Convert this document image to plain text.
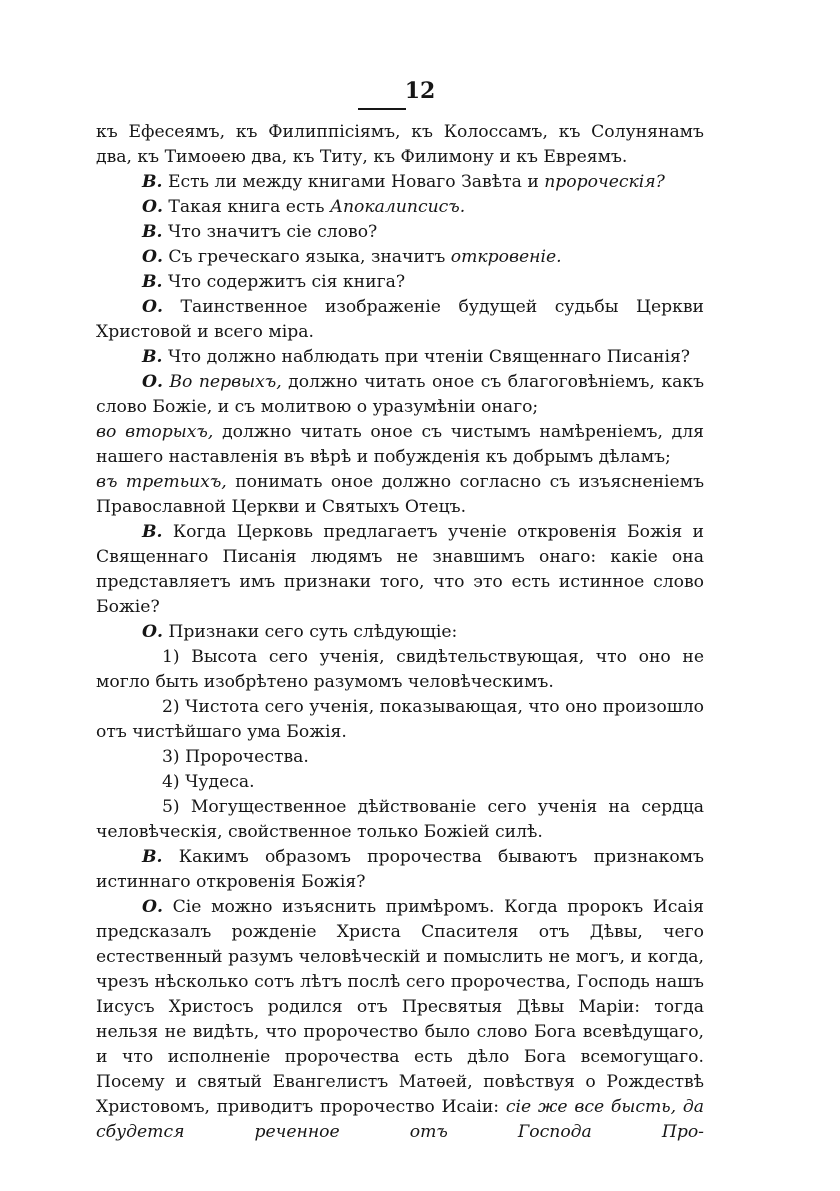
12

къ Ефесеямъ, къ Филиппісіямъ, къ Колоссамъ, къ Солунянамъ два, къ Тимоѳею два, къ Титу, къ Филимону и къ Евреямъ.

В. Есть ли между книгами Новаго Завѣта и пророческія?

О. Такая книга есть Апокалипсисъ.

В. Что значитъ сіе слово?

О. Съ греческаго языка, значитъ откровеніе.

В. Что содержитъ сія книга?

О. Таинственное изображеніе будущей судьбы Церкви Христовой и всего міра.

В. Что должно наблюдать при чтеніи Священнаго Писанія?

О. Во первыхъ, должно читать оное съ благоговѣніемъ, какъ слово Божіе, и съ молитвою о уразумѣніи онаго;

во вторыхъ, должно читать оное съ чистымъ намѣреніемъ, для нашего наставленія въ вѣрѣ и побужденія къ добрымъ дѣламъ;

въ третьихъ, понимать оное должно согласно съ изъясненіемъ Православной Церкви и Святыхъ Отецъ.

В. Когда Церковь предлагаетъ ученіе откровенія Божія и Священнаго Писанія людямъ не знавшимъ онаго: какіе она представляетъ имъ признаки того, что это есть истинное слово Божіе?

О. Признаки сего суть слѣдующіе:

1) Высота сего ученія, свидѣтельствующая, что оно не могло быть изобрѣтено разумомъ человѣческимъ.

2) Чистота сего ученія, показывающая, что оно произошло отъ чистѣйшаго ума Божія.

3) Пророчества.

4) Чудеса.

5) Могущественное дѣйствованіе сего ученія на сердца человѣческія, свойственное только Божіей силѣ.

В. Какимъ образомъ пророчества бываютъ признакомъ истиннаго откровенія Божія?

О. Сіе можно изъяснить примѣромъ. Когда пророкъ Исаія предсказалъ рожденіе Христа Спасителя отъ Дѣвы, чего естественный разумъ человѣческій и помыслить не могъ, и когда, чрезъ нѣсколько сотъ лѣтъ послѣ сего пророчества, Господь нашъ Іисусъ Христосъ родился отъ Пресвятыя Дѣвы Маріи: тогда нельзя не видѣть, что пророчество было слово Бога всевѣдущаго, и что исполненіе пророчества есть дѣло Бога всемогущаго. Посему и святый Евангелистъ Матѳей, повѣствуя о Рождествѣ Христовомъ, приводитъ пророчество Исаіи: сіе же все бысть, да сбудется реченное отъ Господа Про-
